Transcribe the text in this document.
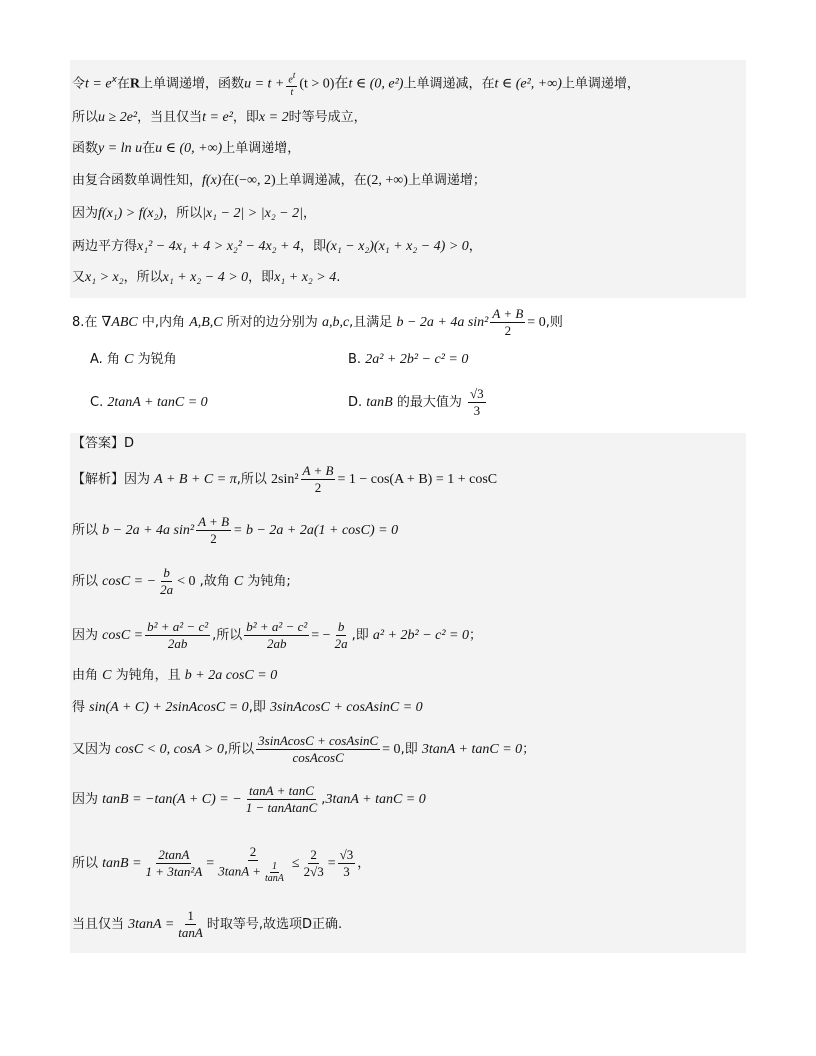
令$t = e^x$在R上单调递增，函数$u = t + \frac{e^t}{t} (t > 0)$在t ∈ (0, e²)上单调递减，在t ∈ (e², +∞)上单调递增，
所以u ≥ 2e²，当且仅当t = e²，即x = 2时等号成立，
函数y = ln u在u ∈ (0, +∞)上单调递增，
由复合函数单调性知，f(x)在(−∞, 2)上单调递减，在(2, +∞)上单调递增；
因为f(x₁) > f(x₂)，所以|x₁ − 2| > |x₂ − 2|，
两边平方得x₁² − 4x₁ + 4 > x₂² − 4x₂ + 4，即(x₁ − x₂)(x₁ + x₂ − 4) > 0，
又x₁ > x₂，所以x₁ + x₂ − 4 > 0，即x₁ + x₂ > 4.
8.在 ∇ABC 中,内角 A,B,C 所对的边分别为 a,b,c,且满足 b − 2a + 4a $\sin^2 \frac{A + B}{2} = 0$,则
A. 角 C 为锐角	B. 2a² + 2b² − c² = 0
C. 2tanA + tanC = 0	D. tanB 的最大值为 $\frac{√3}{3}$
【答案】D
【解析】因为 A + B + C = π,所以 $2\sin^2 \frac{A + B}{2} = 1 - \cos(A + B) = 1 + \cos C$
所以 b − 2a + 4a $\sin^2 \frac{A + B}{2} = b - 2a + 2a(1 + \cos C) = 0$
所以 cosC = − $\frac{b}{2a} < 0$ ,故角 C 为钝角;
因为 $\cos C = \frac{\text{b² + a² − c²}}{2ab}$ ,所以 $\frac{\text{b² + a² − c²}}{2ab}$ = − $\frac{b}{2a}$ ,即 a² + 2b² − c² = 0；
由角 C 为钝角，且 b + 2a cosC = 0
得 sin(A + C) + 2sinAcosC = 0,即 3sinAcosC + cosAsinC = 0
又因为 cosC < 0, cosA > 0,所以 $\frac{\text{3sinAcosC + cosAsinC}}{\text{cosAcosC}} = 0$,即 3tanA + tanC = 0；
因为 tanB = −tan(A + C) = − $\frac{\tan A + \tan C}{\text{1 − tanAtanC}} ,3\tan A + \tan C = 0$
所以 $\tan B = \frac{2\tan A}{\text{1 + 3tan²A}} = \frac{2}{3\tan A + \frac{1}{\tan A}} \le \frac{2}{2√3} = \frac{√3}{3}$ ，
当且仅当 $3\tan A = \frac{1}{\tan A}$ 时取等号,故选项D正确.
